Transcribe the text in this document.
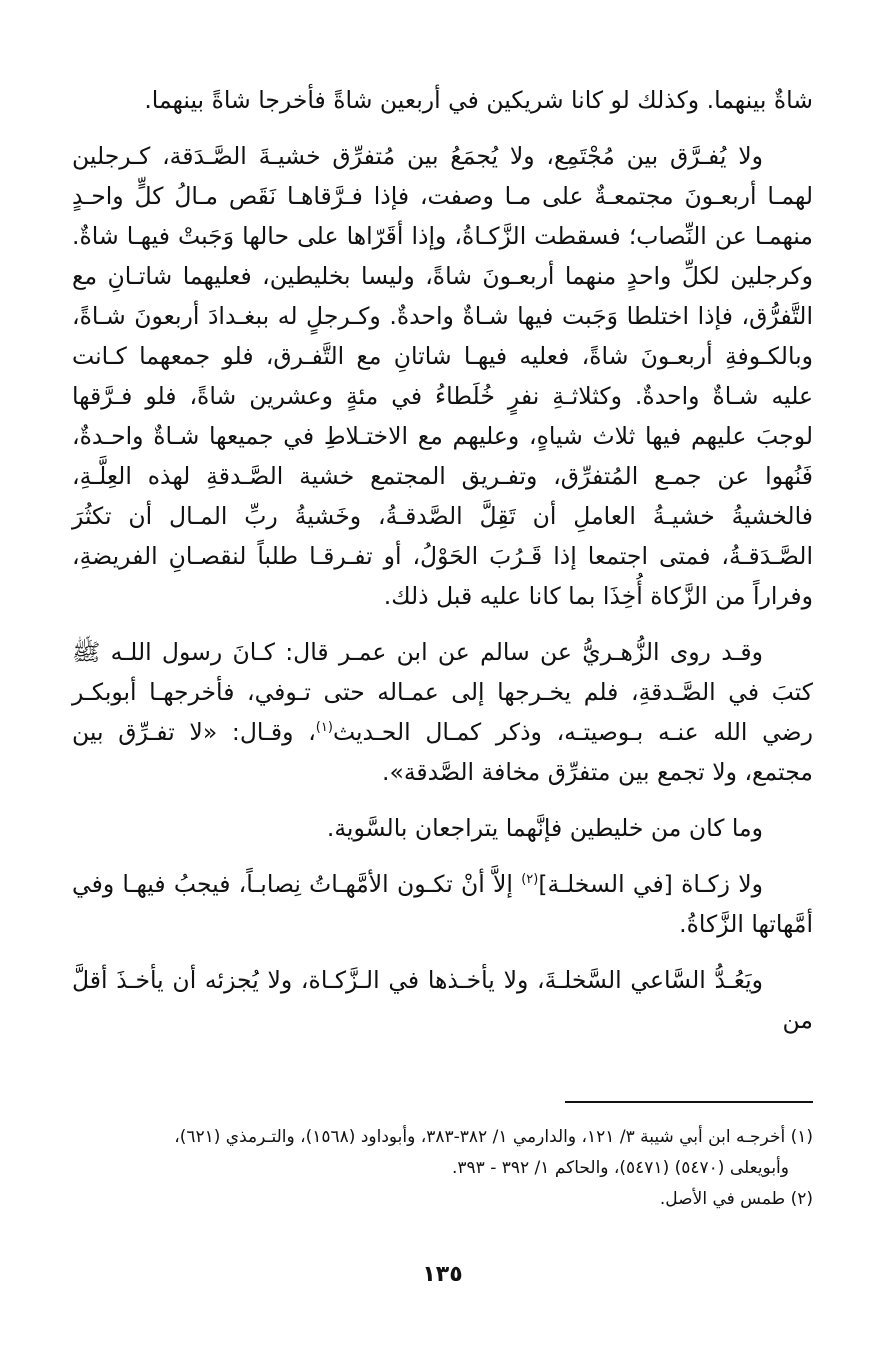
شاةٌ بينهما. وكذلك لو كانا شريكين في أربعين شاةً فأخرجا شاةً بينهما.

ولا يُفـرَّق بين مُجْتَمِع، ولا يُجمَعُ بين مُتفرِّق خشيـةَ الصَّـدَقة، كـرجلين لهمـا أربعـونَ مجتمعـةٌ على مـا وصفت، فإذا فـرَّقاهـا نَقَص مـالُ كلٍّ واحـدٍ منهمـا عن النِّصاب؛ فسقطت الزَّكـاةُ، وإذا أقَرّاها على حالها وَجَبتْ فيهـا شاةٌ. وكرجلين لكلِّ واحدٍ منهما أربعـونَ شاةً، وليسا بخليطين، فعليهما شاتـانِ مع التَّفرُّق، فإذا اختلطا وَجَبت فيها شـاةٌ واحدةٌ. وكـرجلٍ له ببغـدادَ أربعونَ شـاةً، وبالكـوفةِ أربعـونَ شاةً، فعليه فيهـا شاتانِ مع التَّفـرق، فلو جمعهما كـانت عليه شـاةٌ واحدةٌ. وكثلاثـةِ نفرٍ خُلَطاءُ في مئةٍ وعشرين شاةً، فلو فـرَّقها لوجبَ عليهم فيها ثلاث شياهٍ، وعليهم مع الاختـلاطِ في جميعها شـاةٌ واحـدةٌ، فَنُهوا عن جمـع المُتفرِّق، وتفـريق المجتمع خشية الصَّـدقةِ لهذه العِلَّـةِ، فالخشيةُ خشيـةُ العاملِ أن تَقِلَّ الصَّدقـةُ، وخَشيةُ ربِّ المـال أن تكثُرَ الصَّـدَقـةُ، فمتى اجتمعا إذا قَـرُبَ الحَوْلُ، أو تفـرقـا طلباً لنقصـانِ الفريضةِ، وفراراً من الزَّكاة أُخِذَا بما كانا عليه قبل ذلك.

وقـد روى الزُّهـريُّ عن سالم عن ابن عمـر قال: كـانَ رسول اللـه ﷺ كتبَ في الصَّـدقةِ، فلم يخـرجها إلى عمـاله حتى تـوفي، فأخرجهـا أبوبكـر رضي الله عنـه بـوصيتـه، وذكر كمـال الحـديث$^{(١)}$، وقـال: «لا تفـرِّق بين مجتمع، ولا تجمع بين متفرِّق مخافة الصَّدقة».

وما كان من خليطين فإنَّهما يتراجعان بالسَّوية.

ولا زكـاة [في السخلـة]$^{(٢)}$ إلاَّ أنْ تكـون الأمَّهـاتُ نِصابـاً، فيجبُ فيهـا وفي أمَّهاتها الزَّكاةُ.

ويَعُـدُّ السَّاعي السَّخلـةَ، ولا يأخـذها في الـزَّكـاة، ولا يُجزئه أن يأخـذَ أقلَّ من

(١) أخرجـه ابن أبي شيبة ٣/ ١٢١، والدارمي ١/ ٣٨٢-٣٨٣، وأبوداود (١٥٦٨)، والتـرمذي (٦٢١)،

وأبويعلى (٥٤٧٠) (٥٤٧١)، والحاكم ١/ ٣٩٢ - ٣٩٣.

(٢) طمس في الأصل.

١٣٥
